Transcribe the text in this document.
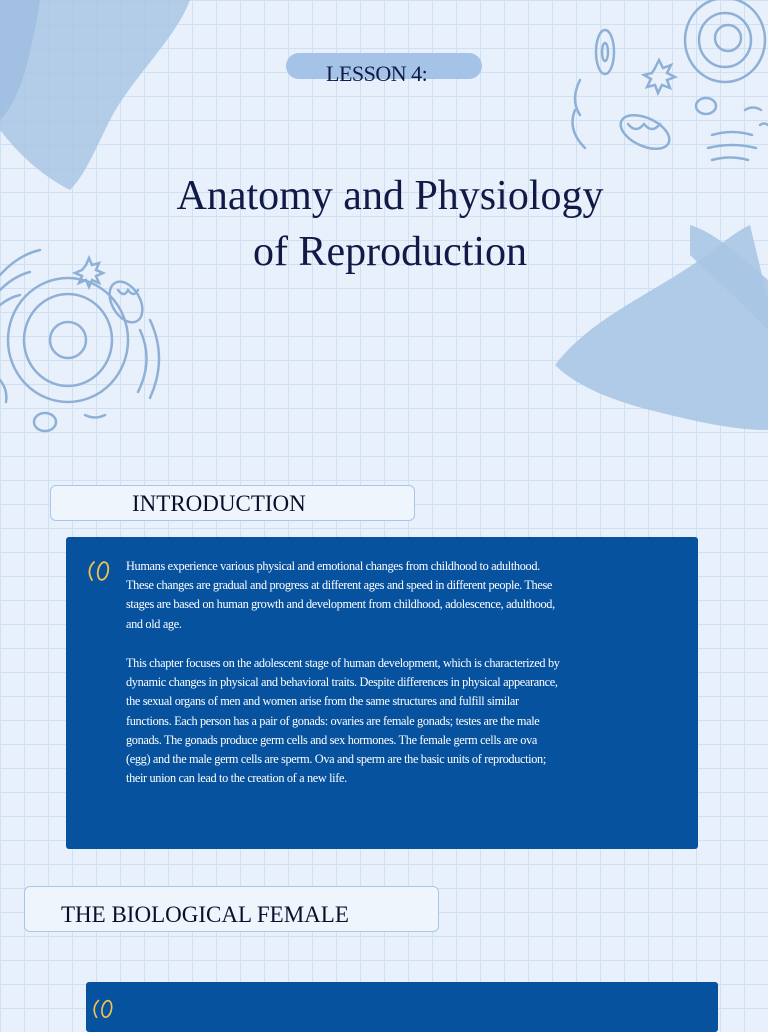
LESSON 4:
Anatomy and Physiology
of Reproduction
INTRODUCTION
Humans experience various physical and emotional changes from childhood to adulthood.
These changes are gradual and progress at different ages and speed in different people. These
stages are based on human growth and development from childhood, adolescence, adulthood,
and old age.
This chapter focuses on the adolescent stage of human development, which is characterized by
dynamic changes in physical and behavioral traits. Despite differences in physical appearance,
the sexual organs of men and women arise from the same structures and fulfill similar
functions. Each person has a pair of gonads: ovaries are female gonads; testes are the male
gonads. The gonads produce germ cells and sex hormones. The female germ cells are ova
(egg) and the male germ cells are sperm. Ova and sperm are the basic units of reproduction;
their union can lead to the creation of a new life.
THE BIOLOGICAL FEMALE
